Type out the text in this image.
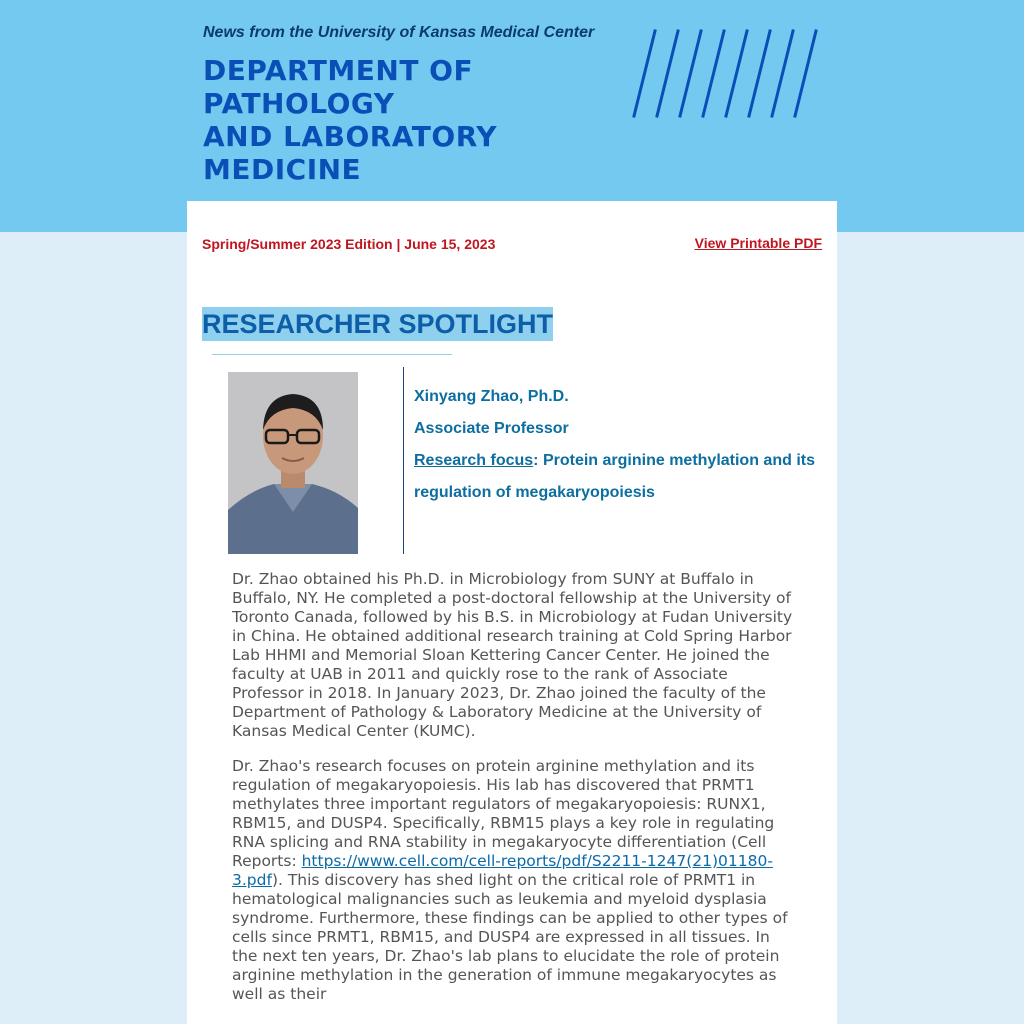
News from the University of Kansas Medical Center
DEPARTMENT OF
PATHOLOGY
AND LABORATORY
MEDICINE
Spring/Summer 2023 Edition | June 15, 2023	View Printable PDF
RESEARCHER SPOTLIGHT
Xinyang Zhao, Ph.D.
Associate Professor
Research focus: Protein arginine methylation and its regulation of megakaryopoiesis

Dr. Zhao obtained his Ph.D. in Microbiology from SUNY at Buffalo in Buffalo, NY. He completed a post-doctoral fellowship at the University of Toronto Canada, followed by his B.S. in Microbiology at Fudan University in China. He obtained additional research training at Cold Spring Harbor Lab HHMI and Memorial Sloan Kettering Cancer Center. He joined the faculty at UAB in 2011 and quickly rose to the rank of Associate Professor in 2018. In January 2023, Dr. Zhao joined the faculty of the Department of Pathology & Laboratory Medicine at the University of Kansas Medical Center (KUMC).

Dr. Zhao's research focuses on protein arginine methylation and its regulation of megakaryopoiesis. His lab has discovered that PRMT1 methylates three important regulators of megakaryopoiesis: RUNX1, RBM15, and DUSP4. Specifically, RBM15 plays a key role in regulating RNA splicing and RNA stability in megakaryocyte differentiation (Cell Reports: https://www.cell.com/cell-reports/pdf/S2211-1247(21)01180-3.pdf). This discovery has shed light on the critical role of PRMT1 in hematological malignancies such as leukemia and myeloid dysplasia syndrome. Furthermore, these findings can be applied to other types of cells since PRMT1, RBM15, and DUSP4 are expressed in all tissues. In the next ten years, Dr. Zhao's lab plans to elucidate the role of protein arginine methylation in the generation of immune megakaryocytes as well as their
